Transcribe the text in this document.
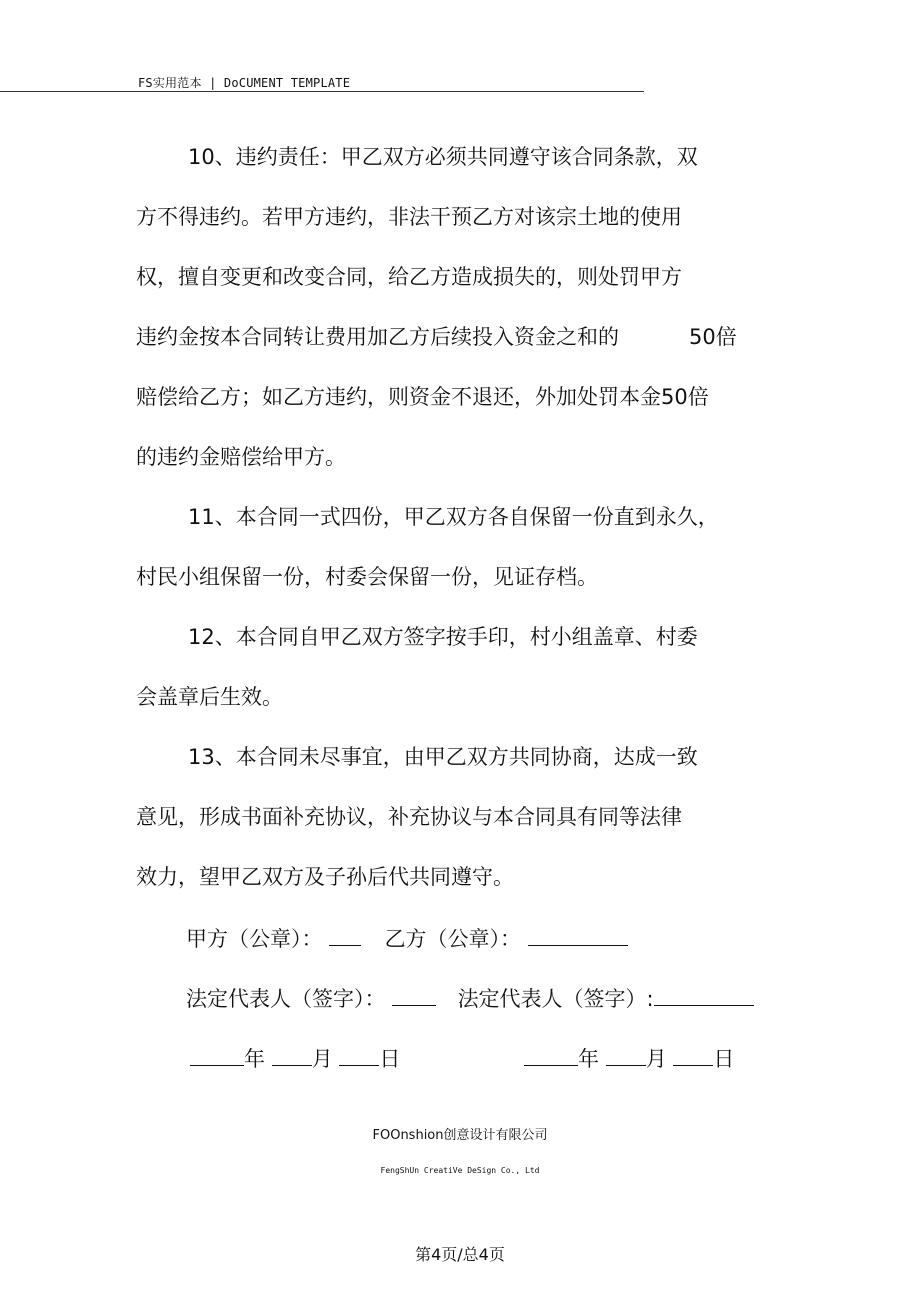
FS实用范本 | DoCUMENT TEMPLATE
10、违约责任：甲乙双方必须共同遵守该合同条款，双
方不得违约。若甲方违约，非法干预乙方对该宗土地的使用
权，擅自变更和改变合同，给乙方造成损失的，则处罚甲方
违约金按本合同转让费用加乙方后续投入资金之和的	50倍
赔偿给乙方；如乙方违约，则资金不退还，外加处罚本金50倍
的违约金赔偿给甲方。
11、本合同一式四份，甲乙双方各自保留一份直到永久，
村民小组保留一份，村委会保留一份，见证存档。
12、本合同自甲乙双方签字按手印，村小组盖章、村委
会盖章后生效。
13、本合同未尽事宜，由甲乙双方共同协商，达成一致
意见，形成书面补充协议，补充协议与本合同具有同等法律
效力，望甲乙双方及子孙后代共同遵守。
甲方（公章）：	乙方（公章）：
法定代表人（签字）：	法定代表人（签字）:
年 月 日	年 月 日
FOOnshion创意设计有限公司
FengShUn CreatiVe DeSign Co., Ltd
第4页/总4页
